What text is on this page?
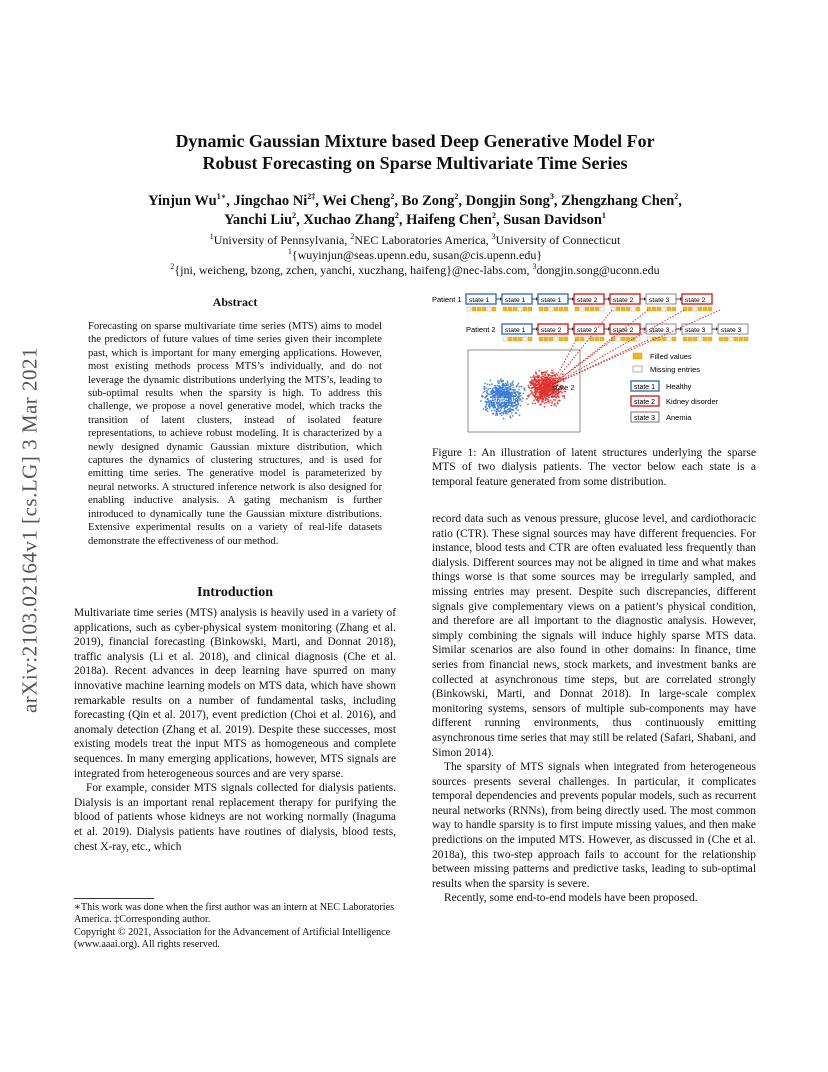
arXiv:2103.02164v1 [cs.LG] 3 Mar 2021
Dynamic Gaussian Mixture based Deep Generative Model For
Robust Forecasting on Sparse Multivariate Time Series
Yinjun $Wu^{1∗}$, Jingchao $Ni^{2\ddagger}$, Wei Cheng$^2$, Bo Zong$^2$, Dongjin Song$^3$, Zhengzhang Chen$^2$,
Yanchi Liu$^2$, Xuchao Zhang$^2$, Haifeng Chen$^2$, Susan Davidson$^1$
$^1$University of Pennsylvania, $^2$NEC Laboratories America, $^3$University of Connecticut
$^1${wuyinjun@seas.upenn.edu, susan@cis.upenn.edu}
$^2${jni, weicheng, bzong, zchen, yanchi, xuczhang, haifeng}@nec-labs.com, $^3$dongjin.song@uconn.edu
Abstract

Forecasting on sparse multivariate time series (MTS) aims to model the predictors of future values of time series given their incomplete past, which is important for many emerging applications. However, most existing methods process MTS’s individually, and do not leverage the dynamic distributions underlying the MTS’s, leading to sub-optimal results when the sparsity is high. To address this challenge, we propose a novel generative model, which tracks the transition of latent clusters, instead of isolated feature representations, to achieve robust modeling. It is characterized by a newly designed dynamic Gaussian mixture distribution, which captures the dynamics of clustering structures, and is used for emitting time series. The generative model is parameterized by neural networks. A structured inference network is also designed for enabling inductive analysis. A gating mechanism is further introduced to dynamically tune the Gaussian mixture distributions. Extensive experimental results on a variety of real-life datasets demonstrate the effectiveness of our method.

Introduction

Multivariate time series (MTS) analysis is heavily used in a variety of applications, such as cyber-physical system monitoring (Zhang et al. 2019), financial forecasting (Binkowski, Marti, and Donnat 2018), traffic analysis (Li et al. 2018), and clinical diagnosis (Che et al. 2018a). Recent advances in deep learning have spurred on many innovative machine learning models on MTS data, which have shown remarkable results on a number of fundamental tasks, including forecasting (Qin et al. 2017), event prediction (Choi et al. 2016), and anomaly detection (Zhang et al. 2019). Despite these successes, most existing models treat the input MTS as homogeneous and complete sequences. In many emerging applications, however, MTS signals are integrated from heterogeneous sources and are very sparse.

For example, consider MTS signals collected for dialysis patients. Dialysis is an important renal replacement therapy for purifying the blood of patients whose kidneys are not working normally (Inaguma et al. 2019). Dialysis patients have routines of dialysis, blood tests, chest X-ray, etc., which

∗This work was done when the first author was an intern at NEC Laboratories America. ‡Corresponding author.
Copyright © 2021, Association for the Advancement of Artificial Intelligence (www.aaai.org). All rights reserved.
Patient 1
Patient 2
state 1 state 1 state 1 state 2 state 2 state 3 state 2
state 1 state 2 state 2 state 2 state 3 state 3 state 3
state 1
state 2
Filled values
Missing entries
state 1 Healthy
state 2 Kidney disorder
state 3 Anemia

Figure 1: An illustration of latent structures underlying the sparse MTS of two dialysis patients. The vector below each state is a temporal feature generated from some distribution.

record data such as venous pressure, glucose level, and cardiothoracic ratio (CTR). These signal sources may have different frequencies. For instance, blood tests and CTR are often evaluated less frequently than dialysis. Different sources may not be aligned in time and what makes things worse is that some sources may be irregularly sampled, and missing entries may present. Despite such discrepancies, different signals give complementary views on a patient’s physical condition, and therefore are all important to the diagnostic analysis. However, simply combining the signals will induce highly sparse MTS data. Similar scenarios are also found in other domains: In finance, time series from financial news, stock markets, and investment banks are collected at asynchronous time steps, but are correlated strongly (Binkowski, Marti, and Donnat 2018). In large-scale complex monitoring systems, sensors of multiple sub-components may have different running environments, thus continuously emitting asynchronous time series that may still be related (Safari, Shabani, and Simon 2014).

The sparsity of MTS signals when integrated from heterogeneous sources presents several challenges. In particular, it complicates temporal dependencies and prevents popular models, such as recurrent neural networks (RNNs), from being directly used. The most common way to handle sparsity is to first impute missing values, and then make predictions on the imputed MTS. However, as discussed in (Che et al. 2018a), this two-step approach fails to account for the relationship between missing patterns and predictive tasks, leading to sub-optimal results when the sparsity is severe.

Recently, some end-to-end models have been proposed.
